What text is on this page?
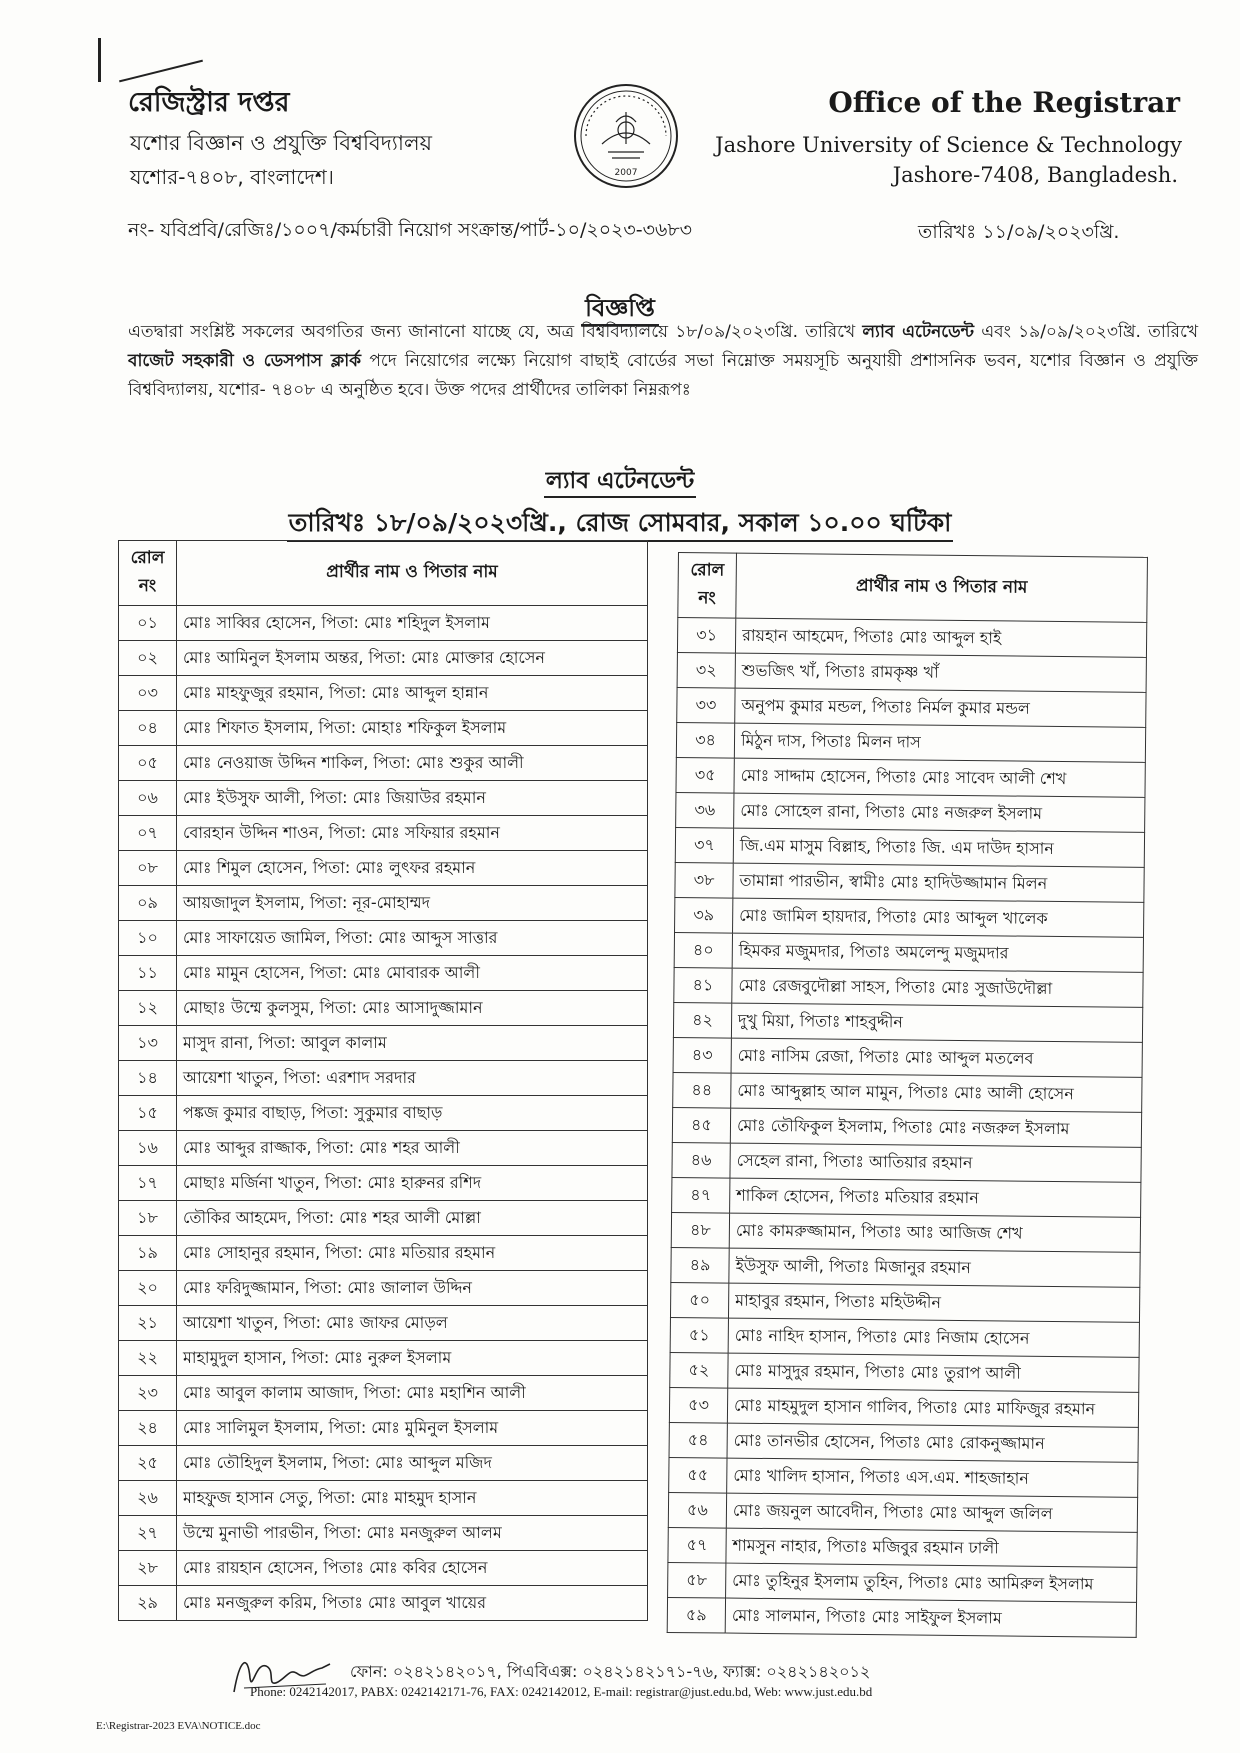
রেজিস্ট্রার দপ্তর
যশোর বিজ্ঞান ও প্রযুক্তি বিশ্ববিদ্যালয়
যশোর-৭৪০৮, বাংলাদেশ।	2007
Office of the Registrar
Jashore University of Science & Technology
Jashore-7408, Bangladesh.
নং- যবিপ্রবি/রেজিঃ/১০০৭/কর্মচারী নিয়োগ সংক্রান্ত/পার্ট-১০/২০২৩-৩৬৮৩	তারিখঃ ১১/০৯/২০২৩খ্রি.
বিজ্ঞপ্তি
এতদ্বারা সংশ্লিষ্ট সকলের অবগতির জন্য জানানো যাচ্ছে যে, অত্র বিশ্ববিদ্যালয়ে ১৮/০৯/২০২৩খ্রি. তারিখে ল্যাব এটেনডেন্ট এবং ১৯/০৯/২০২৩খ্রি. তারিখে বাজেট সহকারী ও ডেসপাস ক্লার্ক পদে নিয়োগের লক্ষ্যে নিয়োগ বাছাই বোর্ডের সভা নিম্নোক্ত সময়সূচি অনুযায়ী প্রশাসনিক ভবন, যশোর বিজ্ঞান ও প্রযুক্তি বিশ্ববিদ্যালয়, যশোর- ৭৪০৮ এ অনুষ্ঠিত হবে। উক্ত পদের প্রার্থীদের তালিকা নিম্নরূপঃ
ল্যাব এটেনডেন্ট
তারিখঃ ১৮/০৯/২০২৩খ্রি., রোজ সোমবার, সকাল ১০.০০ ঘটিকা
রোল নং	প্রার্থীর নাম ও পিতার নাম
০১	মোঃ সাব্বির হোসেন, পিতা: মোঃ শহিদুল ইসলাম
০২	মোঃ আমিনুল ইসলাম অন্তর, পিতা: মোঃ মোক্তার হোসেন
০৩	মোঃ মাহফুজুর রহমান, পিতা: মোঃ আব্দুল হান্নান
০৪	মোঃ শিফাত ইসলাম, পিতা: মোহাঃ শফিকুল ইসলাম
০৫	মোঃ নেওয়াজ উদ্দিন শাকিল, পিতা: মোঃ শুকুর আলী
০৬	মোঃ ইউসুফ আলী, পিতা: মোঃ জিয়াউর রহমান
০৭	বোরহান উদ্দিন শাওন, পিতা: মোঃ সফিয়ার রহমান
০৮	মোঃ শিমুল হোসেন, পিতা: মোঃ লুৎফর রহমান
০৯	আয়জাদুল ইসলাম, পিতা: নূর-মোহাম্মদ
১০	মোঃ সাফায়েত জামিল, পিতা: মোঃ আব্দুস সাত্তার
১১	মোঃ মামুন হোসেন, পিতা: মোঃ মোবারক আলী
১২	মোছাঃ উম্মে কুলসুম, পিতা: মোঃ আসাদুজ্জামান
১৩	মাসুদ রানা, পিতা: আবুল কালাম
১৪	আয়েশা খাতুন, পিতা: এরশাদ সরদার
১৫	পঙ্কজ কুমার বাছাড়, পিতা: সুকুমার বাছাড়
১৬	মোঃ আব্দুর রাজ্জাক, পিতা: মোঃ শহর আলী
১৭	মোছাঃ মর্জিনা খাতুন, পিতা: মোঃ হারুনর রশিদ
১৮	তৌকির আহমেদ, পিতা: মোঃ শহর আলী মোল্লা
১৯	মোঃ সোহানুর রহমান, পিতা: মোঃ মতিয়ার রহমান
২০	মোঃ ফরিদুজ্জামান, পিতা: মোঃ জালাল উদ্দিন
২১	আয়েশা খাতুন, পিতা: মোঃ জাফর মোড়ল
২২	মাহামুদুল হাসান, পিতা: মোঃ নুরুল ইসলাম
২৩	মোঃ আবুল কালাম আজাদ, পিতা: মোঃ মহাশিন আলী
২৪	মোঃ সালিমুল ইসলাম, পিতা: মোঃ মুমিনুল ইসলাম
২৫	মোঃ তৌহিদুল ইসলাম, পিতা: মোঃ আব্দুল মজিদ
২৬	মাহফুজ হাসান সেতু, পিতা: মোঃ মাহমুদ হাসান
২৭	উম্মে মুনাভী পারভীন, পিতা: মোঃ মনজুরুল আলম
২৮	মোঃ রায়হান হোসেন, পিতাঃ মোঃ কবির হোসেন
২৯	মোঃ মনজুরুল করিম, পিতাঃ মোঃ আবুল খায়ের
রোল নং	প্রার্থীর নাম ও পিতার নাম
৩১	রায়হান আহমেদ, পিতাঃ মোঃ আব্দুল হাই
৩২	শুভজিৎ খাঁ, পিতাঃ রামকৃষ্ণ খাঁ
৩৩	অনুপম কুমার মন্ডল, পিতাঃ নির্মল কুমার মন্ডল
৩৪	মিঠুন দাস, পিতাঃ মিলন দাস
৩৫	মোঃ সাদ্দাম হোসেন, পিতাঃ মোঃ সাবেদ আলী শেখ
৩৬	মোঃ সোহেল রানা, পিতাঃ মোঃ নজরুল ইসলাম
৩৭	জি.এম মাসুম বিল্লাহ, পিতাঃ জি. এম দাউদ হাসান
৩৮	তামান্না পারভীন, স্বামীঃ মোঃ হাদিউজ্জামান মিলন
৩৯	মোঃ জামিল হায়দার, পিতাঃ মোঃ আব্দুল খালেক
৪০	হিমকর মজুমদার, পিতাঃ অমলেন্দু মজুমদার
৪১	মোঃ রেজবুদৌল্লা সাহস, পিতাঃ মোঃ সুজাউদৌল্লা
৪২	দুখু মিয়া, পিতাঃ শাহবুদ্দীন
৪৩	মোঃ নাসিম রেজা, পিতাঃ মোঃ আব্দুল মতলেব
৪৪	মোঃ আব্দুল্লাহ আল মামুন, পিতাঃ মোঃ আলী হোসেন
৪৫	মোঃ তৌফিকুল ইসলাম, পিতাঃ মোঃ নজরুল ইসলাম
৪৬	সেহেল রানা, পিতাঃ আতিয়ার রহমান
৪৭	শাকিল হোসেন, পিতাঃ মতিয়ার রহমান
৪৮	মোঃ কামরুজ্জামান, পিতাঃ আঃ আজিজ শেখ
৪৯	ইউসুফ আলী, পিতাঃ মিজানুর রহমান
৫০	মাহাবুর রহমান, পিতাঃ মহিউদ্দীন
৫১	মোঃ নাহিদ হাসান, পিতাঃ মোঃ নিজাম হোসেন
৫২	মোঃ মাসুদুর রহমান, পিতাঃ মোঃ তুরাপ আলী
৫৩	মোঃ মাহমুদুল হাসান গালিব, পিতাঃ মোঃ মাফিজুর রহমান
৫৪	মোঃ তানভীর হোসেন, পিতাঃ মোঃ রোকনুজ্জামান
৫৫	মোঃ খালিদ হাসান, পিতাঃ এস.এম. শাহজাহান
৫৬	মোঃ জয়নুল আবেদীন, পিতাঃ মোঃ আব্দুল জলিল
৫৭	শামসুন নাহার, পিতাঃ মজিবুর রহমান ঢালী
৫৮	মোঃ তুহিনুর ইসলাম তুহিন, পিতাঃ মোঃ আমিরুল ইসলাম
৫৯	মোঃ সালমান, পিতাঃ মোঃ সাইফুল ইসলাম
ফোন: ০২৪২১৪২০১৭, পিএবিএক্স: ০২৪২১৪২১৭১-৭৬, ফ্যাক্স: ০২৪২১৪২০১২
Phone: 0242142017, PABX: 0242142171-76, FAX: 0242142012, E-mail: registrar@just.edu.bd, Web: www.just.edu.bd
E:\Registrar-2023 EVA\NOTICE.doc
